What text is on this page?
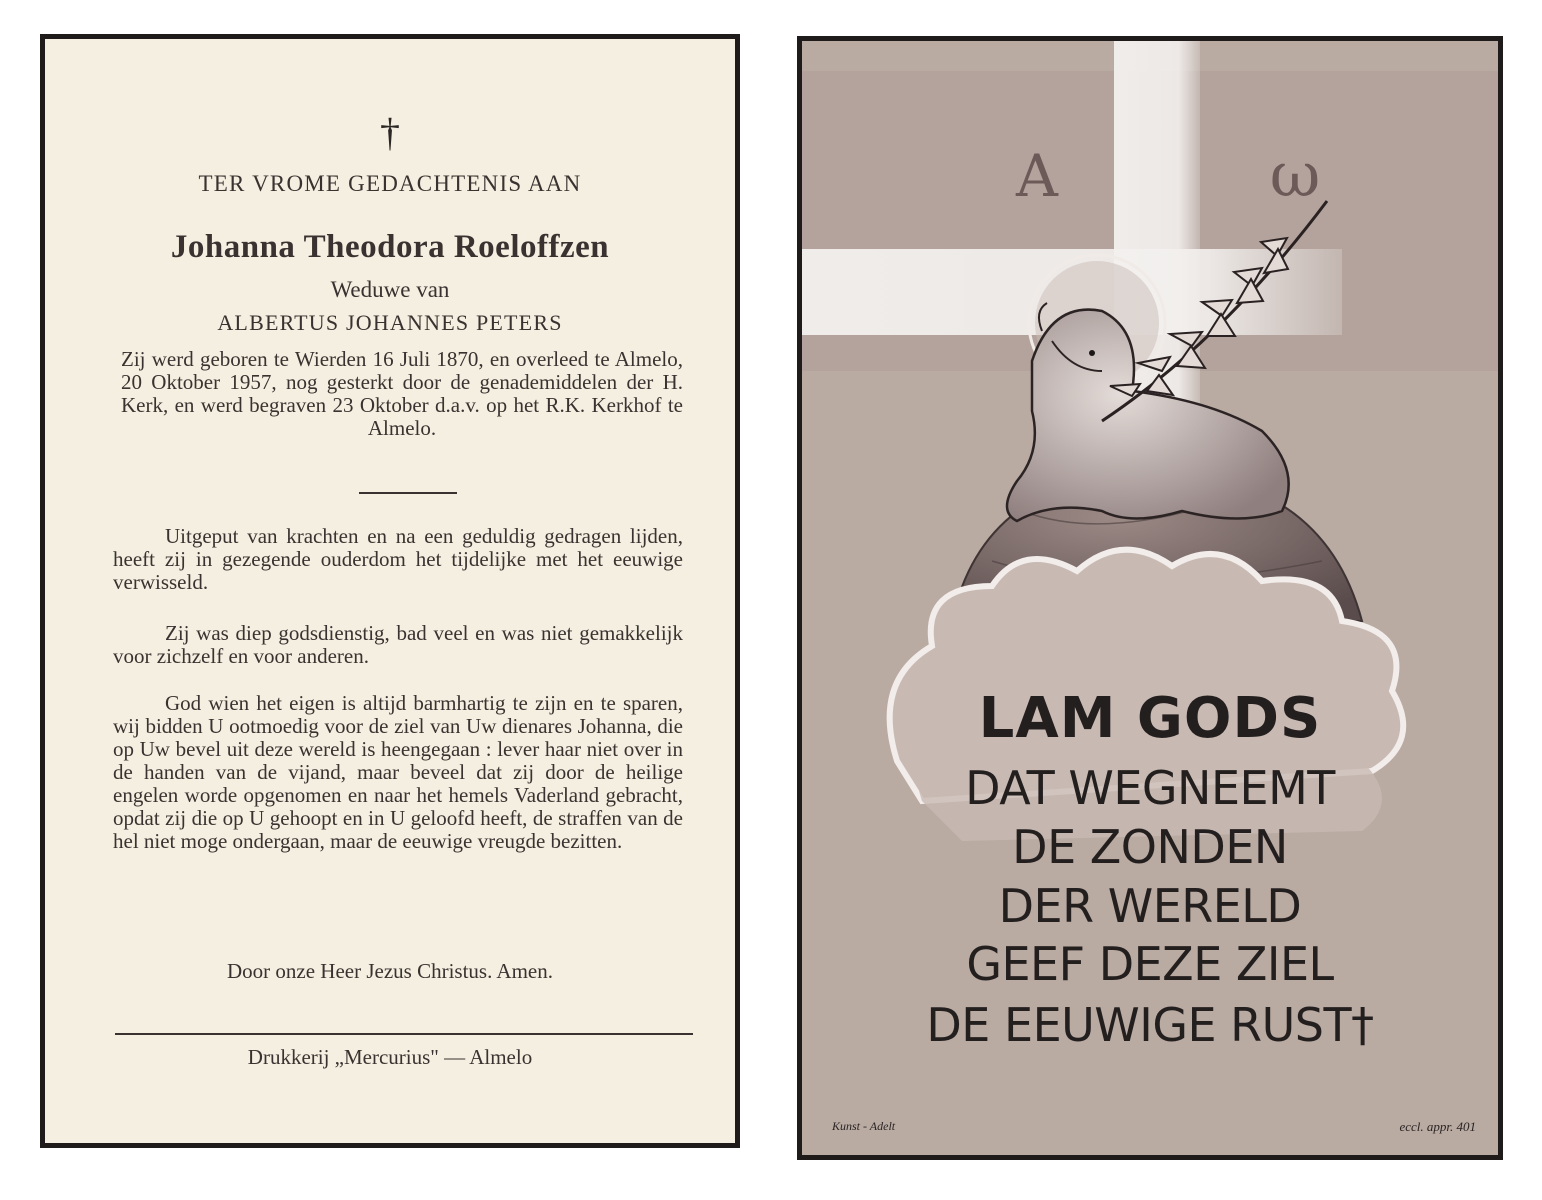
†
TER VROME GEDACHTENIS AAN
Johanna Theodora Roeloffzen
Weduwe van
ALBERTUS JOHANNES PETERS
Zij werd geboren te Wierden 16 Juli 1870, en overleed te Almelo, 20 Oktober 1957, nog gesterkt door de genademiddelen der H. Kerk, en werd begraven 23 Oktober d.a.v. op het R.K. Kerkhof te Almelo.
Uitgeput van krachten en na een geduldig gedragen lijden, heeft zij in gezegende ouderdom het tijdelijke met het eeuwige verwisseld.
Zij was diep godsdienstig, bad veel en was niet gemakkelijk voor zichzelf en voor anderen.
God wien het eigen is altijd barmhartig te zijn en te sparen, wij bidden U ootmoedig voor de ziel van Uw dienares Johanna, die op Uw bevel uit deze wereld is heengegaan : lever haar niet over in de handen van de vijand, maar beveel dat zij door de heilige engelen worde opgenomen en naar het hemels Vaderland gebracht, opdat zij die op U gehoopt en in U geloofd heeft, de straffen van de hel niet moge ondergaan, maar de eeuwige vreugde bezitten.
Door onze Heer Jezus Christus. Amen.
Drukkerij „Mercurius" — Almelo
A	ω
LAM GODS
DAT WEGNEEMT
DE ZONDEN
DER WERELD
GEEF DEZE ZIEL
DE EEUWIGE RUST†
Kunst - Adelt	eccl. appr. 401
